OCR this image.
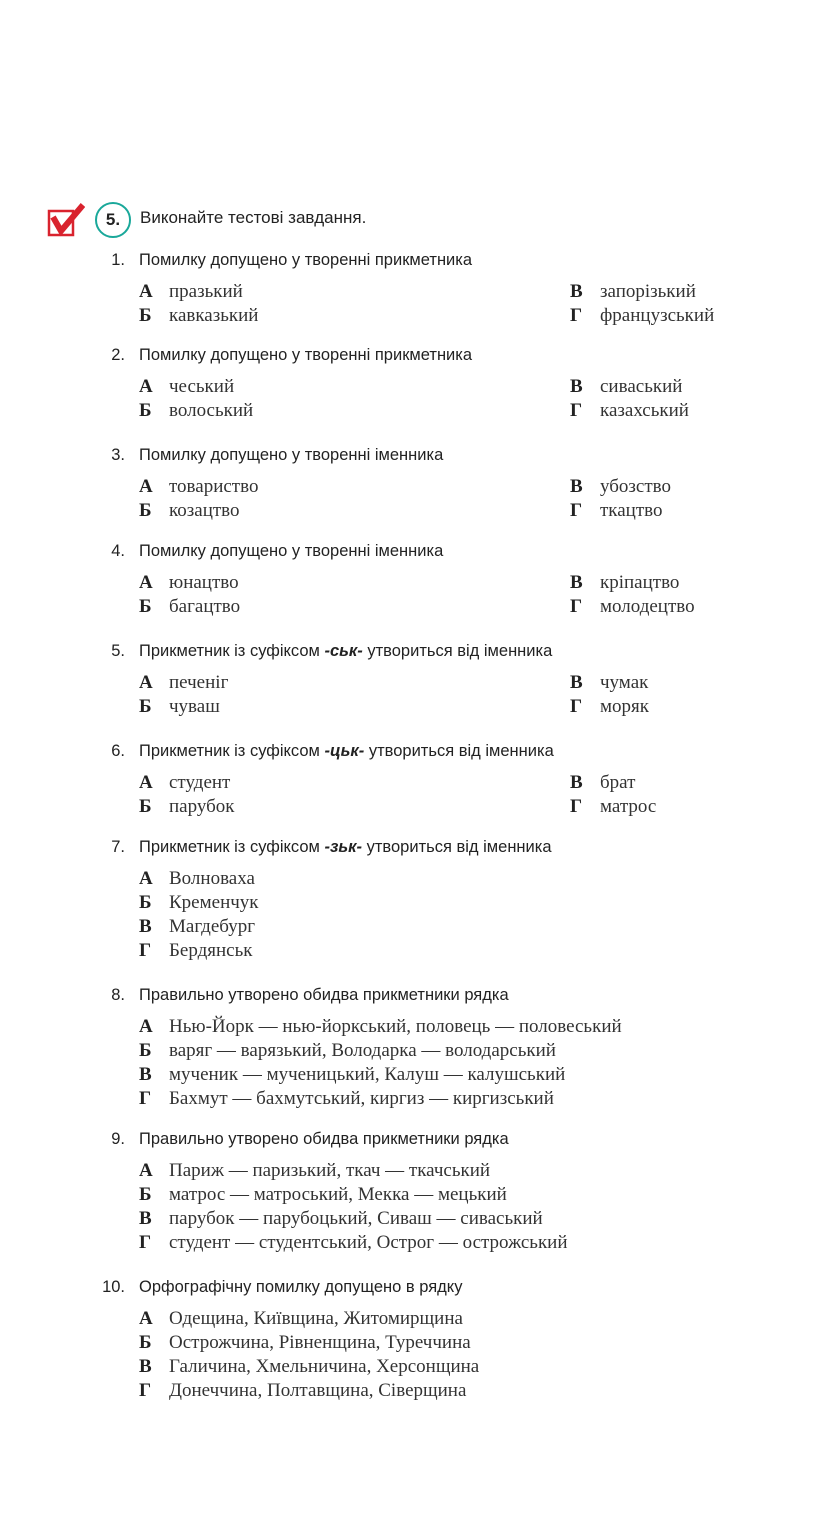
5.	Виконайте тестові завдання.
1. Помилку допущено у творенні прикметника
А празький
Б кавказький
В запорізький
Г французський
2. Помилку допущено у творенні прикметника
А чеський
Б волоський
В сиваський
Г казахський
3. Помилку допущено у творенні іменника
А товариство
Б козацтво
В убозство
Г ткацтво
4. Помилку допущено у творенні іменника
А юнацтво
Б багацтво
В кріпацтво
Г молодецтво
5. Прикметник із суфіксом -ськ- утвориться від іменника
А печеніг
Б чуваш
В чумак
Г моряк
6. Прикметник із суфіксом -цьк- утвориться від іменника
А студент
Б парубок
В брат
Г матрос
7. Прикметник із суфіксом -зьк- утвориться від іменника
А Волноваха
Б Кременчук
В Магдебург
Г Бердянськ
8. Правильно утворено обидва прикметники рядка
А Нью-Йорк — нью-йоркський, половець — половеський
Б варяг — варязький, Володарка — володарський
В мученик — мученицький, Калуш — калушський
Г Бахмут — бахмутський, киргиз — киргизський
9. Правильно утворено обидва прикметники рядка
А Париж — паризький, ткач — ткачський
Б матрос — матроський, Мекка — мецький
В парубок — парубоцький, Сиваш — сиваський
Г студент — студентський, Острог — острожський
10. Орфографічну помилку допущено в рядку
А Одещина, Київщина, Житомирщина
Б Острожчина, Рівненщина, Туреччина
В Галичина, Хмельничина, Херсонщина
Г Донеччина, Полтавщина, Сіверщина
